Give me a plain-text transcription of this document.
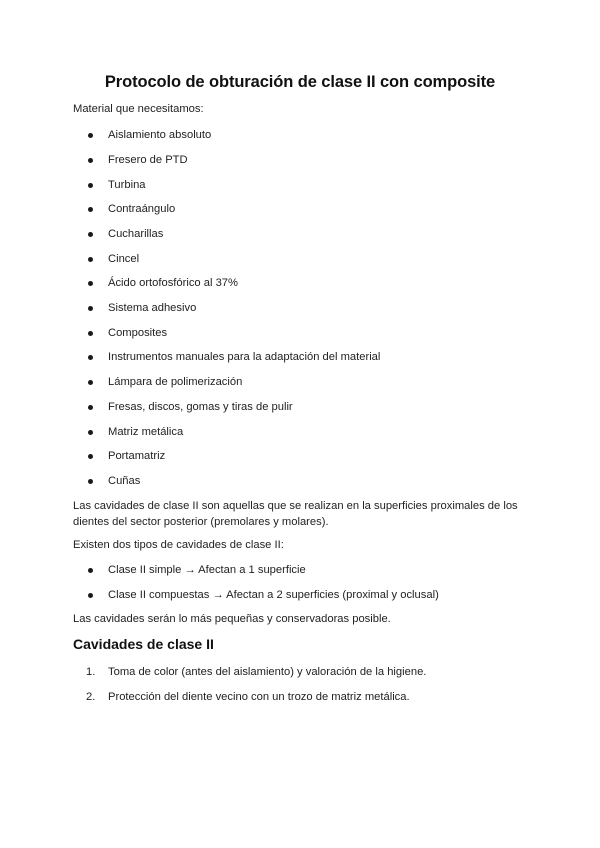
Protocolo de obturación de clase II con composite
Material que necesitamos:
Aislamiento absoluto
Fresero de PTD
Turbina
Contraángulo
Cucharillas
Cincel
Ácido ortofosfórico al 37%
Sistema adhesivo
Composites
Instrumentos manuales para la adaptación del material
Lámpara de polimerización
Fresas, discos, gomas y tiras de pulir
Matriz metálica
Portamatriz
Cuñas
Las cavidades de clase II son aquellas que se realizan en la superficies proximales de los
dientes del sector posterior (premolares y molares).
Existen dos tipos de cavidades de clase II:
Clase II simple → Afectan a 1 superficie
Clase II compuestas → Afectan a 2 superficies (proximal y oclusal)
Las cavidades serán lo más pequeñas y conservadoras posible.
Cavidades de clase II
1.	Toma de color (antes del aislamiento) y valoración de la higiene.
2.	Protección del diente vecino con un trozo de matriz metálica.
